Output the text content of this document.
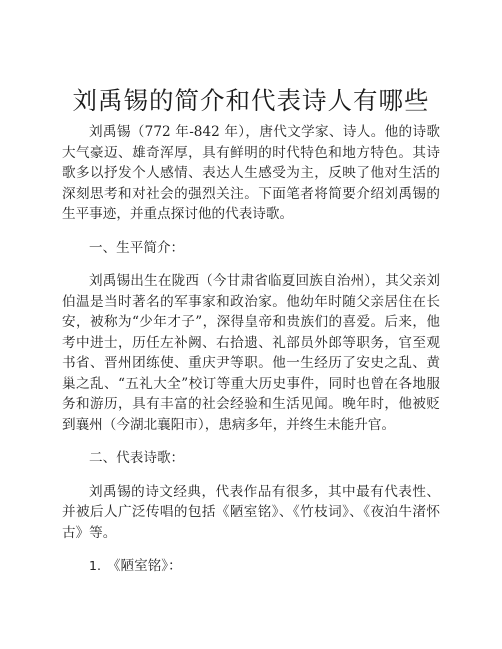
刘禹锡的简介和代表诗人有哪些

刘禹锡（772 年-842 年），唐代文学家、诗人。他的诗歌大气豪迈、雄奇浑厚，具有鲜明的时代特色和地方特色。其诗歌多以抒发个人感情、表达人生感受为主，反映了他对生活的深刻思考和对社会的强烈关注。下面笔者将简要介绍刘禹锡的生平事迹，并重点探讨他的代表诗歌。

一、生平简介：

刘禹锡出生在陇西（今甘肃省临夏回族自治州），其父亲刘伯温是当时著名的军事家和政治家。他幼年时随父亲居住在长安，被称为“少年才子”，深得皇帝和贵族们的喜爱。后来，他考中进士，历任左补阙、右拾遗、礼部员外郎等职务，官至观书省、晋州团练使、重庆尹等职。他一生经历了安史之乱、黄巢之乱、“五礼大全”校订等重大历史事件，同时也曾在各地服务和游历，具有丰富的社会经验和生活见闻。晚年时，他被贬到襄州（今湖北襄阳市），患病多年，并终生未能升官。

二、代表诗歌：

刘禹锡的诗文经典，代表作品有很多，其中最有代表性、并被后人广泛传唱的包括《陋室铭》、《竹枝词》、《夜泊牛渚怀古》等。

1. 《陋室铭》：
